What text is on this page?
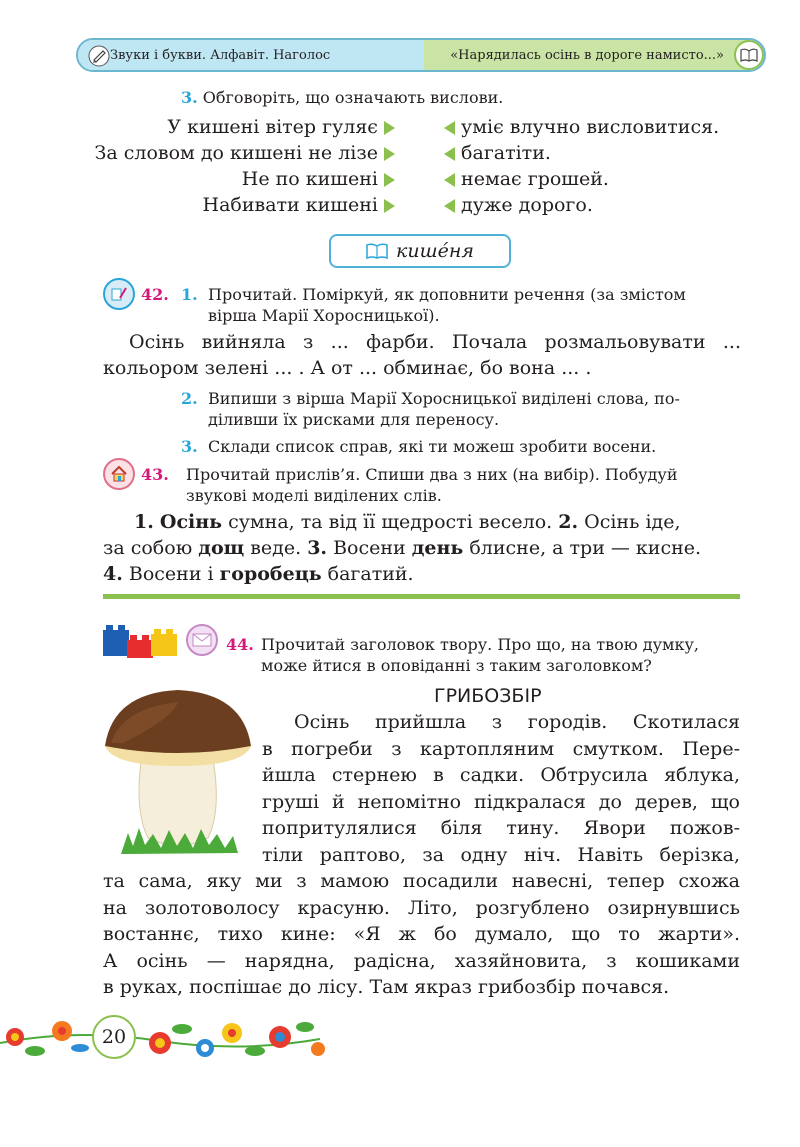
Звуки і букви. Алфавіт. Наголос	«Нарядилась осінь в дороге намисто...»
3. Обговоріть, що означають вислови.
У кишені вітер гуляє	уміє влучно висловитися.
За словом до кишені не лізе	багатіти.
Не по кишені	немає грошей.
Набивати кишені	дуже дорого.
кише́ня
42. 1. Прочитай. Поміркуй, як доповнити речення (за змістом
вірша Марії Хоросницької).
Осінь вийняла з ... фарби. Почала розмальовувати ...
кольором зелені ... . А от ... обминає, бо вона ... .
2. Випиши з вірша Марії Хоросницької виділені слова, по-
діливши їх рисками для переносу.
3. Склади список справ, які ти можеш зробити восени.
43. Прочитай прислів’я. Спиши два з них (на вибір). Побудуй
звукові моделі виділених слів.
1. Осінь сумна, та від її щедрості весело. 2. Осінь іде,
за собою дощ веде. 3. Восени день блисне, а три — кисне.
4. Восени і горобець багатий.
44. Прочитай заголовок твору. Про що, на твою думку,
може йтися в оповіданні з таким заголовком?
ГРИБОЗБІР
Осінь прийшла з городів. Скотилася
в погреби з картопляним смутком. Пере-
йшла стернею в садки. Обтрусила яблука,
груші й непомітно підкралася до дерев, що
попритулялися біля тину. Явори пожов-
тіли раптово, за одну ніч. Навіть берізка,
та сама, яку ми з мамою посадили навесні, тепер схожа
на золотоволосу красуню. Літо, розгублено озирнувшись
востаннє, тихо кине: «Я ж бо думало, що то жарти».
А осінь — нарядна, радісна, хазяйновита, з кошиками
в руках, поспішає до лісу. Там якраз грибозбір почався.
20
